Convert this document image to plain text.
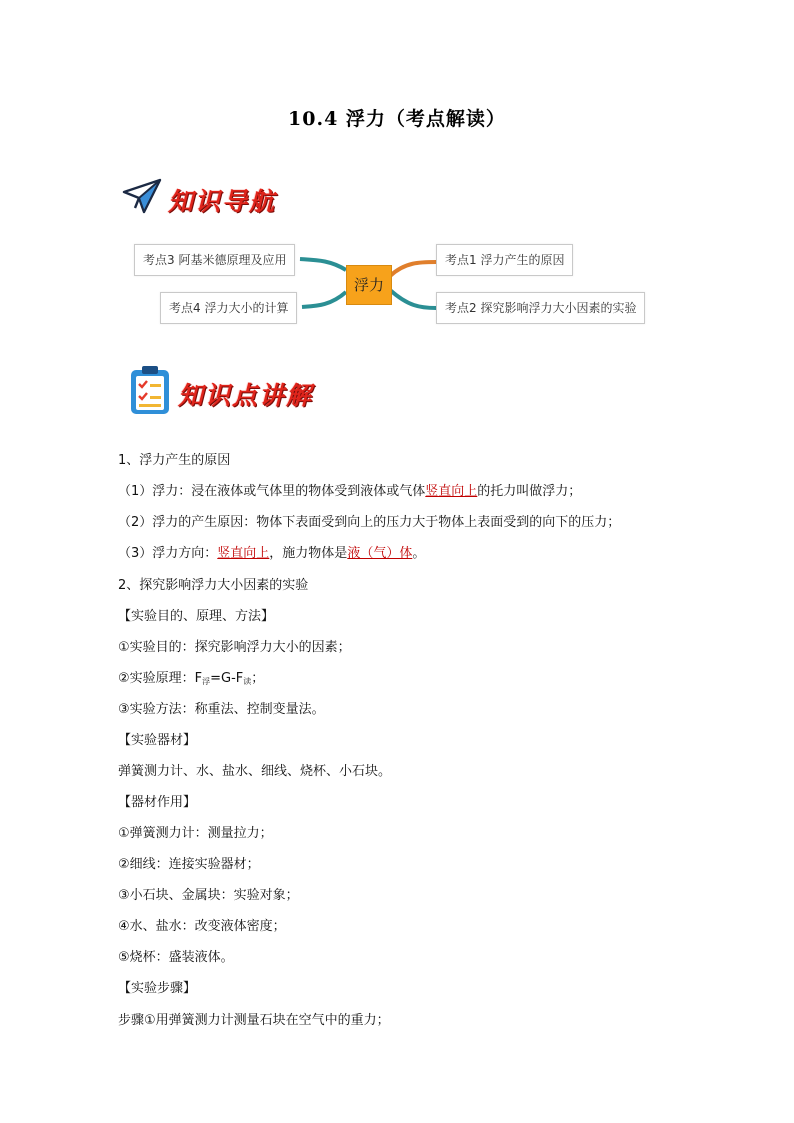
10.4 浮力（考点解读）
知识导航
浮力
考点1 浮力产生的原因
考点2 探究影响浮力大小因素的实验
考点3 阿基米德原理及应用
考点4 浮力大小的计算
知识点讲解
1、浮力产生的原因
（1）浮力：浸在液体或气体里的物体受到液体或气体竖直向上的托力叫做浮力；
（2）浮力的产生原因：物体下表面受到向上的压力大于物体上表面受到的向下的压力；
（3）浮力方向：竖直向上，施力物体是液（气）体。
2、探究影响浮力大小因素的实验
【实验目的、原理、方法】
①实验目的：探究影响浮力大小的因素；
②实验原理：$F_浮=G-F_读$；
③实验方法：称重法、控制变量法。
【实验器材】
弹簧测力计、水、盐水、细线、烧杯、小石块。
【器材作用】
①弹簧测力计：测量拉力；
②细线：连接实验器材；
③小石块、金属块：实验对象；
④水、盐水：改变液体密度；
⑤烧杯：盛装液体。
【实验步骤】
步骤①用弹簧测力计测量石块在空气中的重力；
